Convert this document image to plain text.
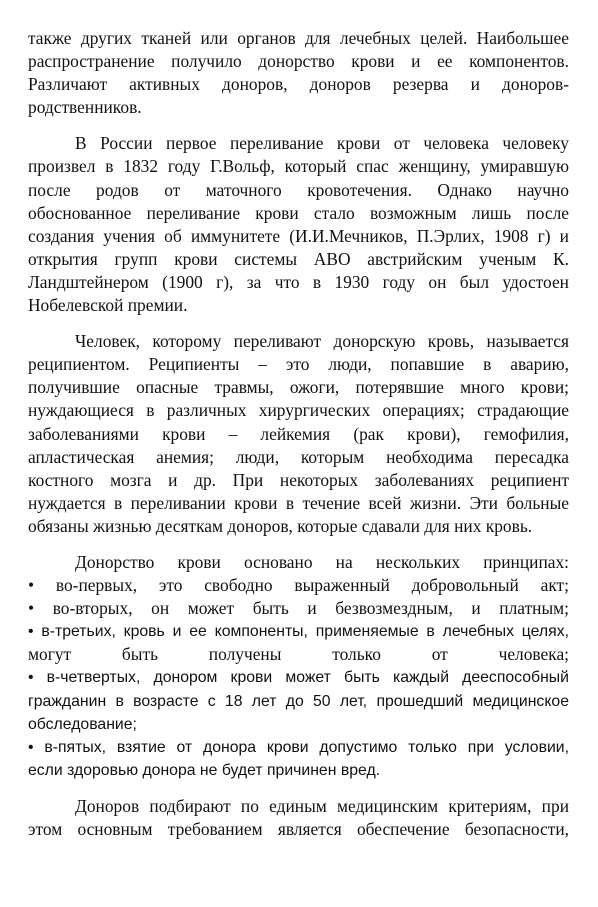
также других тканей или органов для лечебных целей. Наибольшее
распространение получило донорство крови и ее компонентов.
Различают активных доноров, доноров резерва и доноров-
родственников.

В России первое переливание крови от человека человеку
произвел в 1832 году Г.Вольф, который спас женщину, умиравшую
после родов от маточного кровотечения. Однако научно
обоснованное переливание крови стало возможным лишь после
создания учения об иммунитете (И.И.Мечников, П.Эрлих, 1908 г) и
открытия групп крови системы АВО австрийским ученым К.
Ландштейнером (1900 г), за что в 1930 году он был удостоен
Нобелевской премии.

Человек, которому переливают донорскую кровь, называется
реципиентом. Реципиенты – это люди, попавшие в аварию,
получившие опасные травмы, ожоги, потерявшие много крови;
нуждающиеся в различных хирургических операциях; страдающие
заболеваниями крови – лейкемия (рак крови), гемофилия,
апластическая анемия; люди, которым необходима пересадка
костного мозга и др. При некоторых заболеваниях реципиент
нуждается в переливании крови в течение всей жизни. Эти больные
обязаны жизнью десяткам доноров, которые сдавали для них кровь.

Донорство крови основано на нескольких принципах:
• во-первых, это свободно выраженный добровольный акт;
• во-вторых, он может быть и безвозмездным, и платным;
• в-третьих, кровь и ее компоненты, применяемые в лечебных целях,
могут быть получены только от человека;
• в-четвертых, донором крови может быть каждый дееспособный
гражданин в возрасте с 18 лет до 50 лет, прошедший медицинское
обследование;
• в-пятых, взятие от донора крови допустимо только при условии,
если здоровью донора не будет причинен вред.

Доноров подбирают по единым медицинским критериям, при
этом основным требованием является обеспечение безопасности,
